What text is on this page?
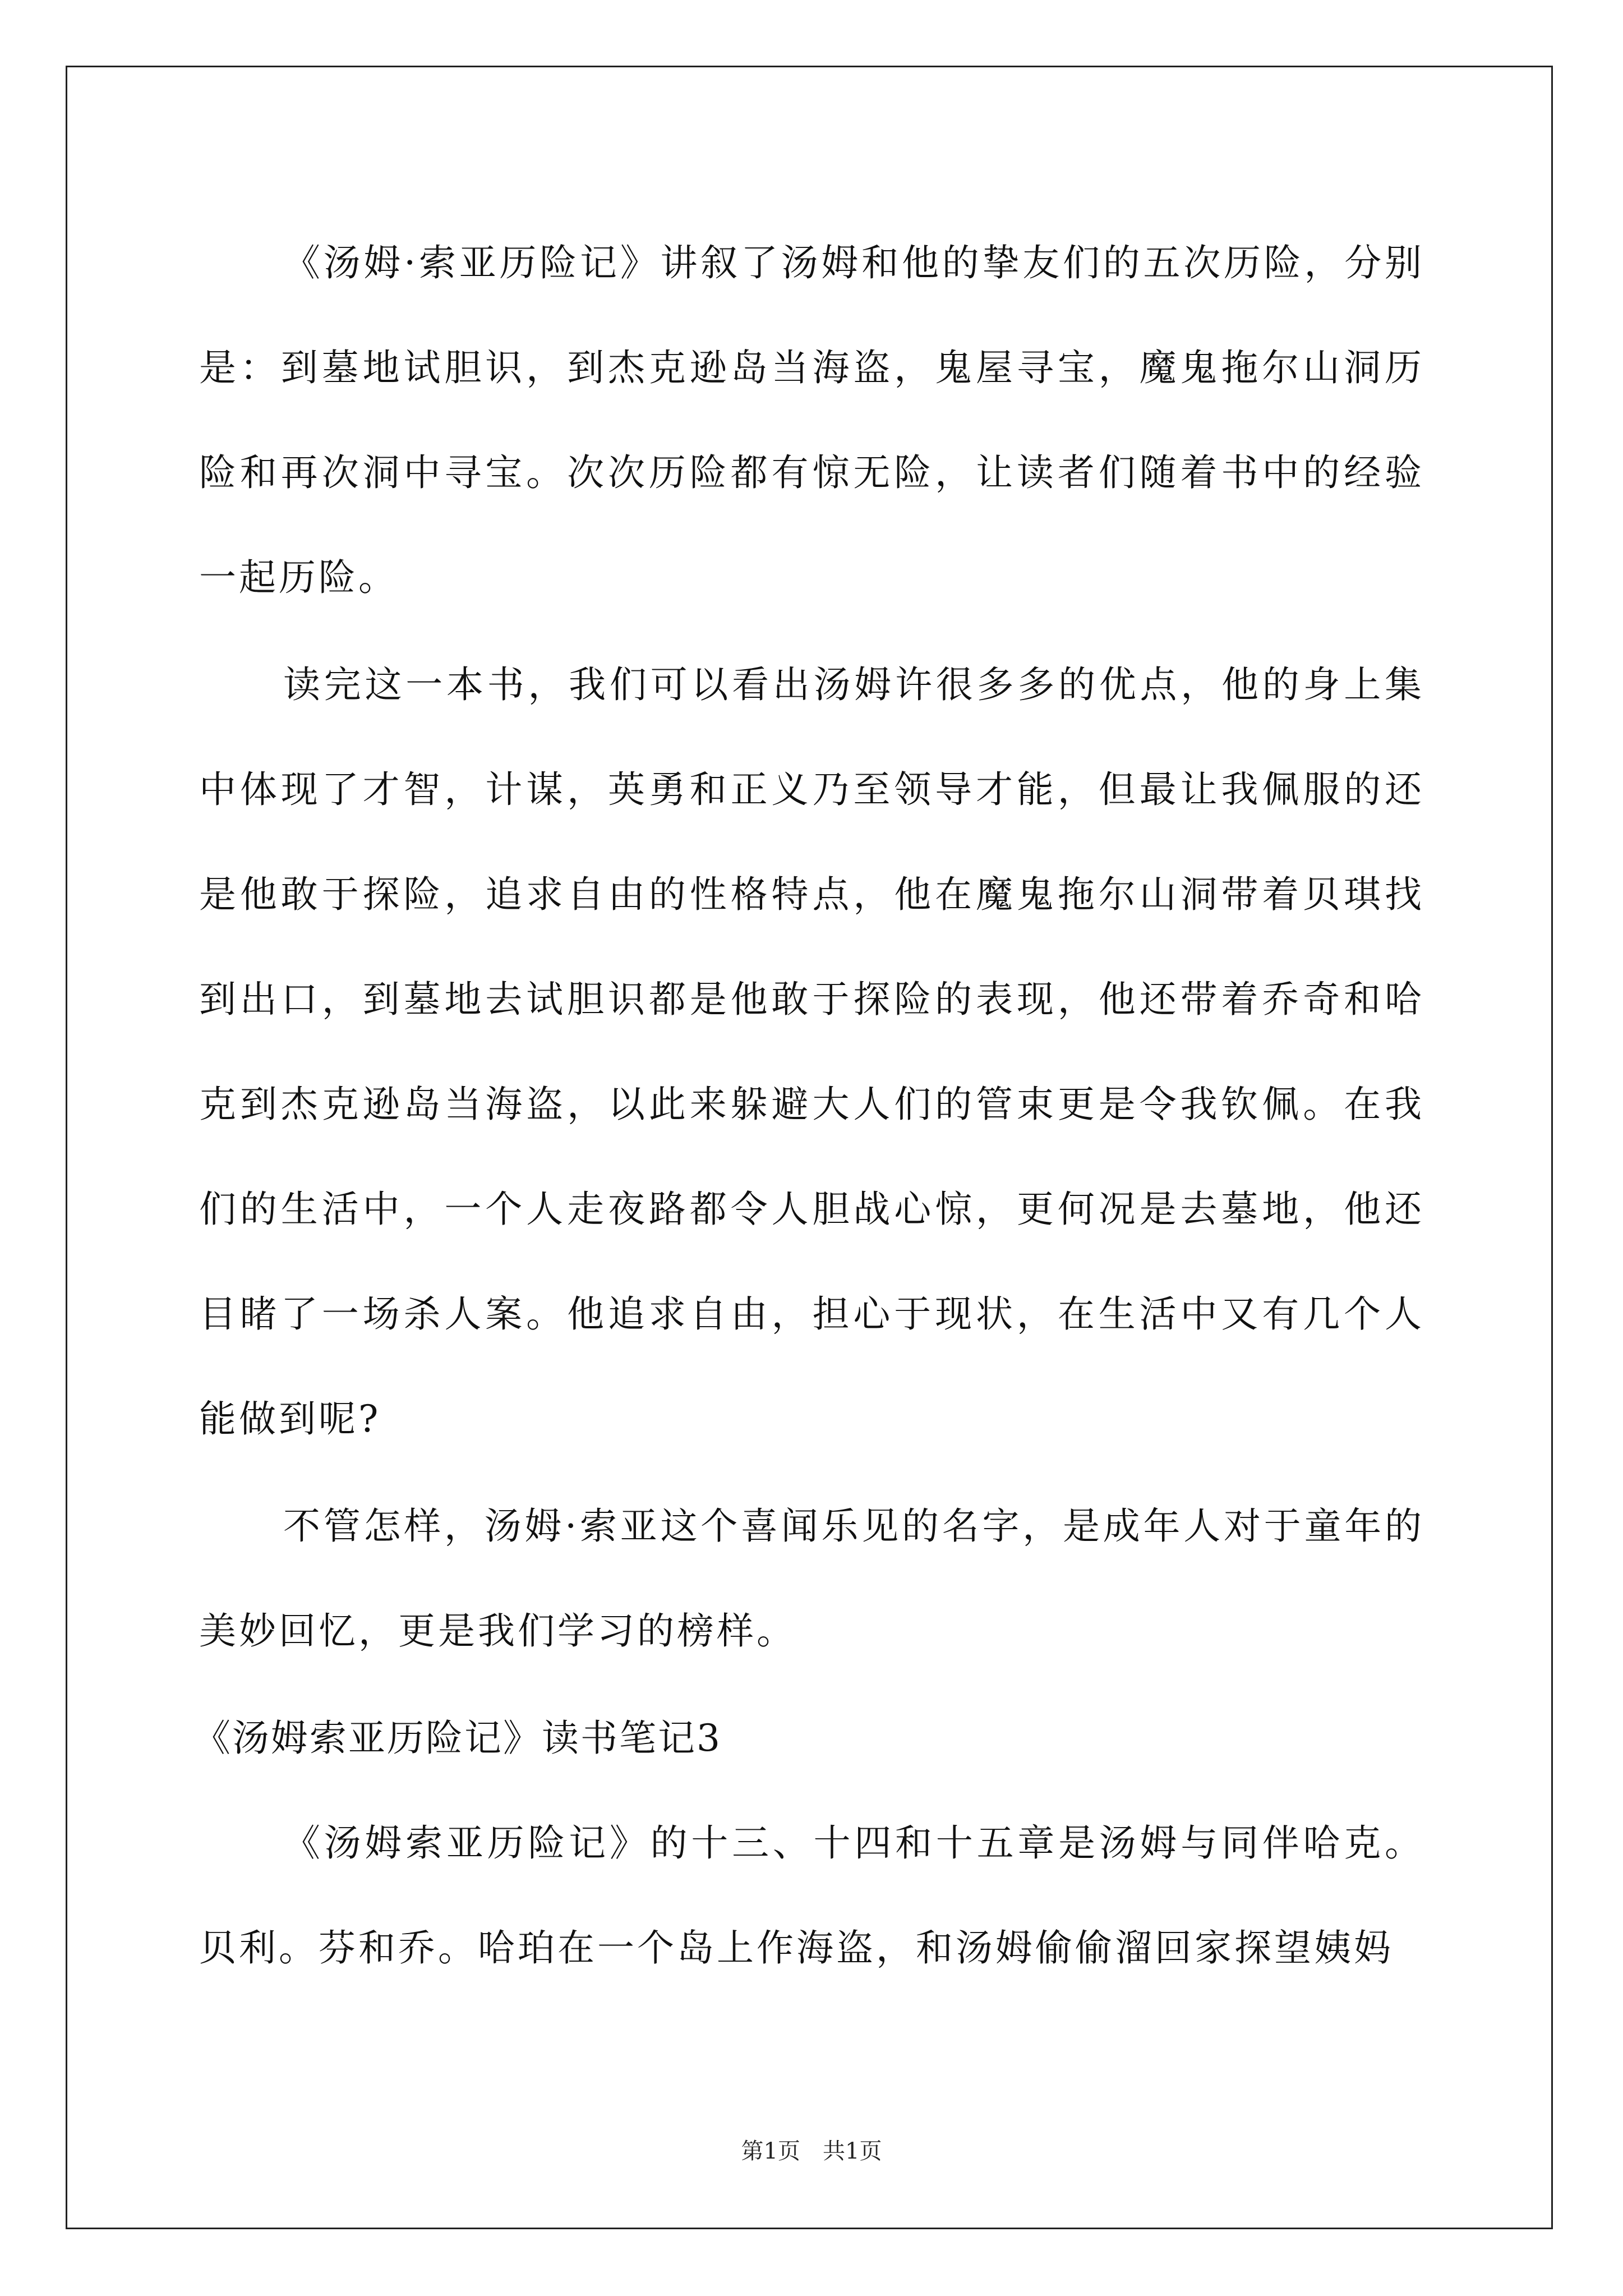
《汤姆·索亚历险记》讲叙了汤姆和他的挚友们的五次历险，分别是：到墓地试胆识，到杰克逊岛当海盗，鬼屋寻宝，魔鬼拖尔山洞历险和再次洞中寻宝。次次历险都有惊无险，让读者们随着书中的经验一起历险。

读完这一本书，我们可以看出汤姆许很多多的优点，他的身上集中体现了才智，计谋，英勇和正义乃至领导才能，但最让我佩服的还是他敢于探险，追求自由的性格特点，他在魔鬼拖尔山洞带着贝琪找到出口，到墓地去试胆识都是他敢于探险的表现，他还带着乔奇和哈克到杰克逊岛当海盗，以此来躲避大人们的管束更是令我钦佩。在我们的生活中，一个人走夜路都令人胆战心惊，更何况是去墓地，他还目睹了一场杀人案。他追求自由，担心于现状，在生活中又有几个人能做到呢?

不管怎样，汤姆·索亚这个喜闻乐见的名字，是成年人对于童年的美妙回忆，更是我们学习的榜样。

《汤姆索亚历险记》读书笔记3

《汤姆索亚历险记》的十三、十四和十五章是汤姆与同伴哈克。贝利。芬和乔。哈珀在一个岛上作海盗，和汤姆偷偷溜回家探望姨妈

第1页　共1页
